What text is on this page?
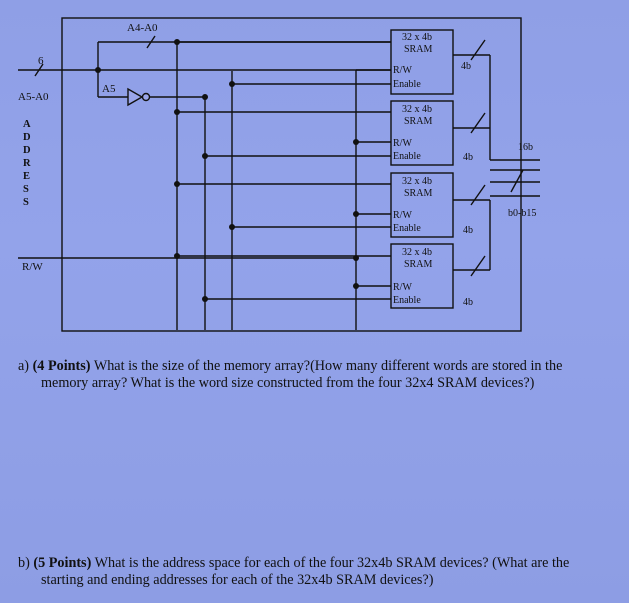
A4-A0
6
A5-A0
A5
A
D
D
R
E
S
S
R/W
16b
b0-b15
32 x 4b
SRAM
R/W
Enable
4b
32 x 4b
SRAM
R/W
Enable	4b
32 x 4b
SRAM
R/W
Enable	4b
32 x 4b
SRAM
R/W
Enable	4b
a) (4 Points) What is the size of the memory array?(How many different words are stored in the
memory array? What is the word size constructed from the four 32x4 SRAM devices?)
b) (5 Points) What is the address space for each of the four 32x4b SRAM devices? (What are the
starting and ending addresses for each of the 32x4b SRAM devices?)
